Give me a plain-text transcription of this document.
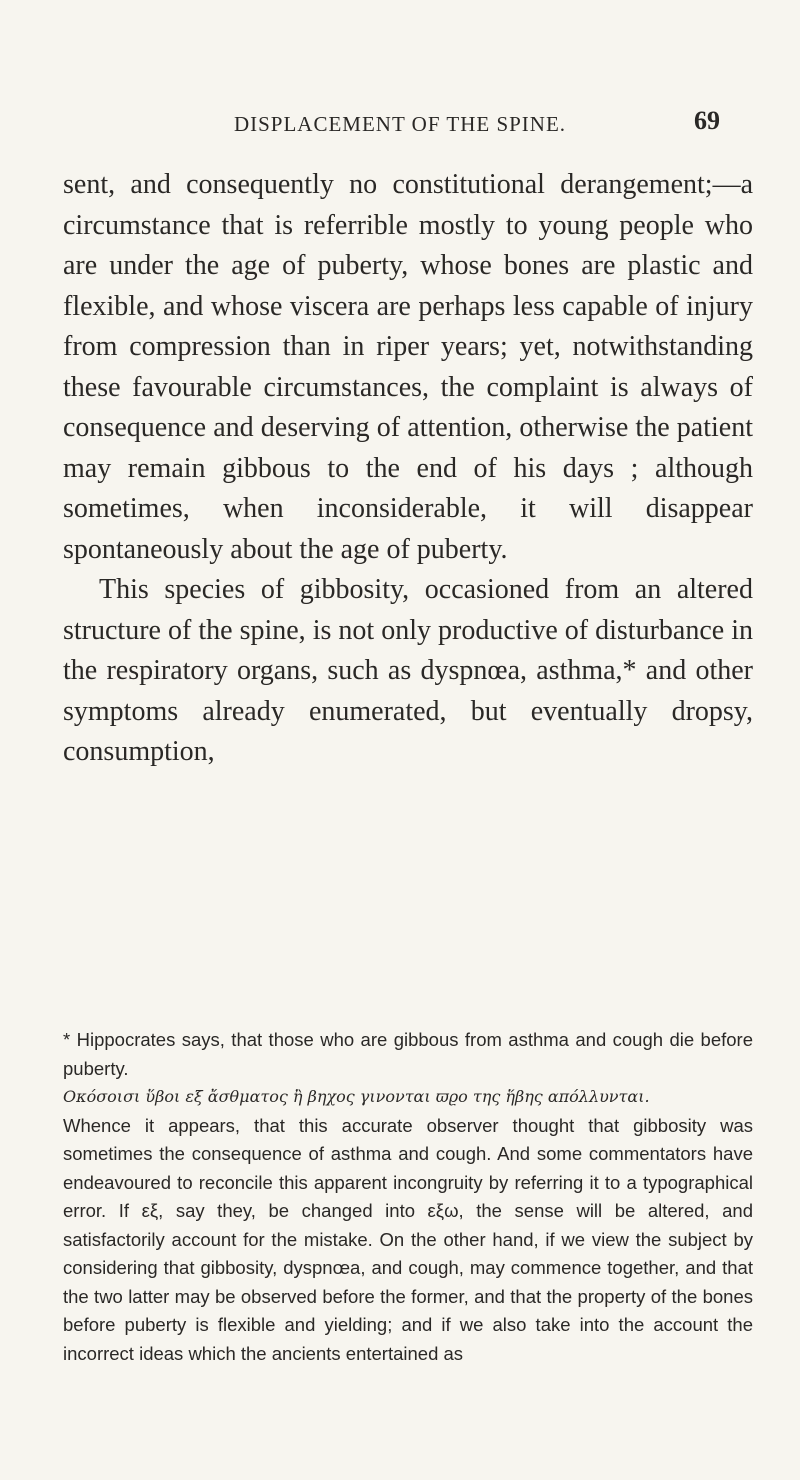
DISPLACEMENT OF THE SPINE.	69

sent, and consequently no constitutional derangement;—a circumstance that is referrible mostly to young people who are under the age of puberty, whose bones are plastic and flexible, and whose viscera are perhaps less capable of injury from compression than in riper years; yet, notwithstanding these favourable circumstances, the complaint is always of consequence and deserving of attention, otherwise the patient may remain gibbous to the end of his days ; although sometimes, when inconsiderable, it will disappear spontaneously about the age of puberty.

This species of gibbosity, occasioned from an altered structure of the spine, is not only productive of disturbance in the respiratory organs, such as dyspnœa, asthma,* and other symptoms already enumerated, but eventually dropsy, consumption,

* Hippocrates says, that those who are gibbous from asthma and cough die before puberty.

Οκόσοισι ὕβοι εξ ἄσθματος ἢ βηχος γινονται ϖϱο της ἥβης απόλλυνται.

Whence it appears, that this accurate observer thought that gibbosity was sometimes the consequence of asthma and cough. And some commentators have endeavoured to reconcile this apparent incongruity by referring it to a typographical error. If εξ, say they, be changed into εξω, the sense will be altered, and satisfactorily account for the mistake. On the other hand, if we view the subject by considering that gibbosity, dyspnœa, and cough, may commence together, and that the two latter may be observed before the former, and that the property of the bones before puberty is flexible and yielding; and if we also take into the account the incorrect ideas which the ancients entertained as
